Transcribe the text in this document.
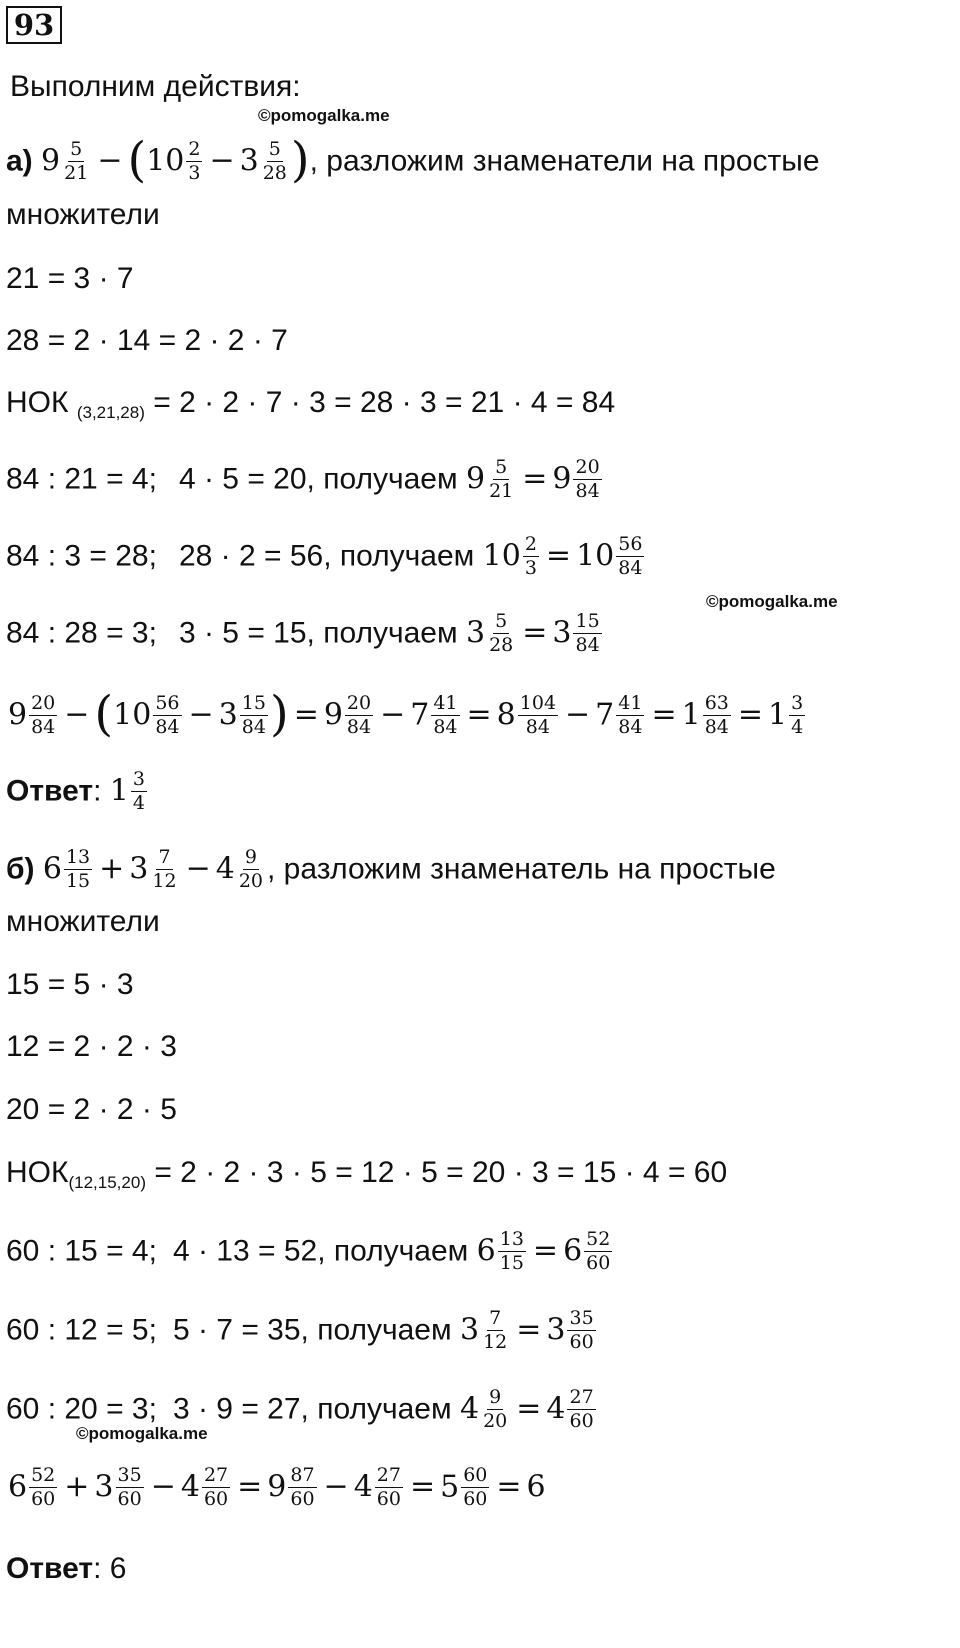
93
Выполним действия:
©pomogalka.me
а) $9 \frac{5}{21} - (10 \frac{2}{3} - 3 \frac{5}{28}$ ), разложим знаменатели на простые
множители
21 = 3 · 7
28 = 2 · 14 = 2 · 2 · 7
НОК $_{(3,21,28)}$ = 2 · 2 · 7 · 3 = 28 · 3 = 21 · 4 = 84
84 : 21 = 4; 4 · 5 = 20, получаем $9 \frac{5}{21} = 9 \frac{20}{84}$
84 : 3 = 28; 28 · 2 = 56, получаем $10 \frac{2}{3} = 10 \frac{56}{84}$
©pomogalka.me
84 : 28 = 3; 3 · 5 = 15, получаем $3 \frac{5}{28} = 3 \frac{15}{84}$
$9 \frac{20}{84} - (10 \frac{56}{84} - 3 \frac{15}{84}$ ) = $9 \frac{20}{84} - 7 \frac{41}{84} = 8 \frac{104}{84} - 7 \frac{41}{84} = 1 \frac{63}{84} = 1 \frac{3}{4}$
Ответ: $1 \frac{3}{4}$
б) $6 \frac{13}{15} + 3 \frac{7}{12} - 4 \frac{9}{20}$ , разложим знаменатель на простые
множители
15 = 5 · 3
12 = 2 · 2 · 3
20 = 2 · 2 · 5
$НОК_{(12,15,20)} = 2 \cdot 2 \cdot 3 \cdot 5 = 12 \cdot 5 = 20 \cdot 3 = 15 \cdot 4 = 60$
60 : 15 = 4; 4 · 13 = 52, получаем $6 \frac{13}{15} = 6 \frac{52}{60}$
60 : 12 = 5; 5 · 7 = 35, получаем $3 \frac{7}{12} = 3 \frac{35}{60}$
60 : 20 = 3; 3 · 9 = 27, получаем $4 \frac{9}{20} = 4 \frac{27}{60}$
©pomogalka.me
$6 \frac{52}{60} + 3 \frac{35}{60} - 4 \frac{27}{60} = 9 \frac{87}{60} - 4 \frac{27}{60} = 5 \frac{60}{60} = 6$
Ответ: 6
